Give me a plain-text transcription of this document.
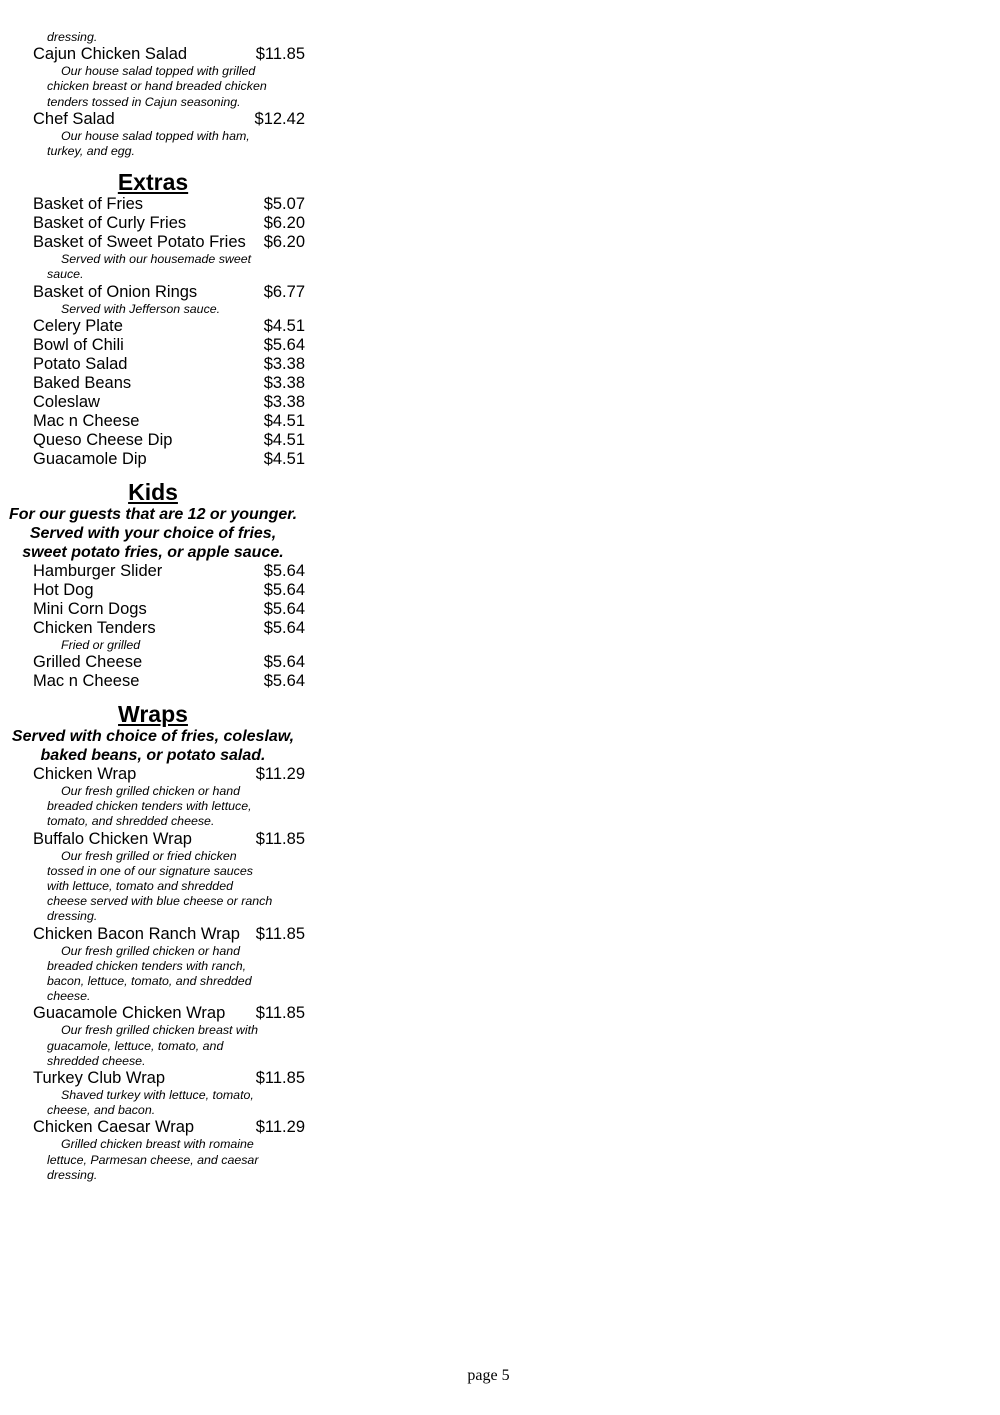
dressing.

Cajun Chicken Salad	$11.85

Our house salad topped with grilled chicken breast or hand breaded chicken tenders tossed in Cajun seasoning.

Chef Salad	$12.42

Our house salad topped with ham, turkey, and egg.

Extras
Basket of Fries	$5.07
Basket of Curly Fries	$6.20
Basket of Sweet Potato Fries $6.20

Served with our housemade sweet sauce.

Basket of Onion Rings	$6.77

Served with Jefferson sauce.

Celery Plate	$4.51
Bowl of Chili	$5.64
Potato Salad	$3.38
Baked Beans	$3.38
Coleslaw	$3.38
Mac n Cheese	$4.51
Queso Cheese Dip	$4.51
Guacamole Dip	$4.51
Kids
For our guests that are 12 or younger.
Served with your choice of fries,
sweet potato fries, or apple sauce.
Hamburger Slider	$5.64
Hot Dog	$5.64
Mini Corn Dogs	$5.64
Chicken Tenders	$5.64

Fried or grilled

Grilled Cheese	$5.64
Mac n Cheese	$5.64
Wraps
Served with choice of fries, coleslaw,
baked beans, or potato salad.
Chicken Wrap	$11.29

Our fresh grilled chicken or hand breaded chicken tenders with lettuce, tomato, and shredded cheese.

Buffalo Chicken Wrap	$11.85

Our fresh grilled or fried chicken tossed in one of our signature sauces with lettuce, tomato and shredded cheese served with blue cheese or ranch dressing.

Chicken Bacon Ranch Wrap $11.85

Our fresh grilled chicken or hand breaded chicken tenders with ranch, bacon, lettuce, tomato, and shredded cheese.

Guacamole Chicken Wrap $11.85

Our fresh grilled chicken breast with guacamole, lettuce, tomato, and shredded cheese.

Turkey Club Wrap	$11.85

Shaved turkey with lettuce, tomato, cheese, and bacon.

Chicken Caesar Wrap	$11.29

Grilled chicken breast with romaine lettuce, Parmesan cheese, and caesar dressing.

page 5
